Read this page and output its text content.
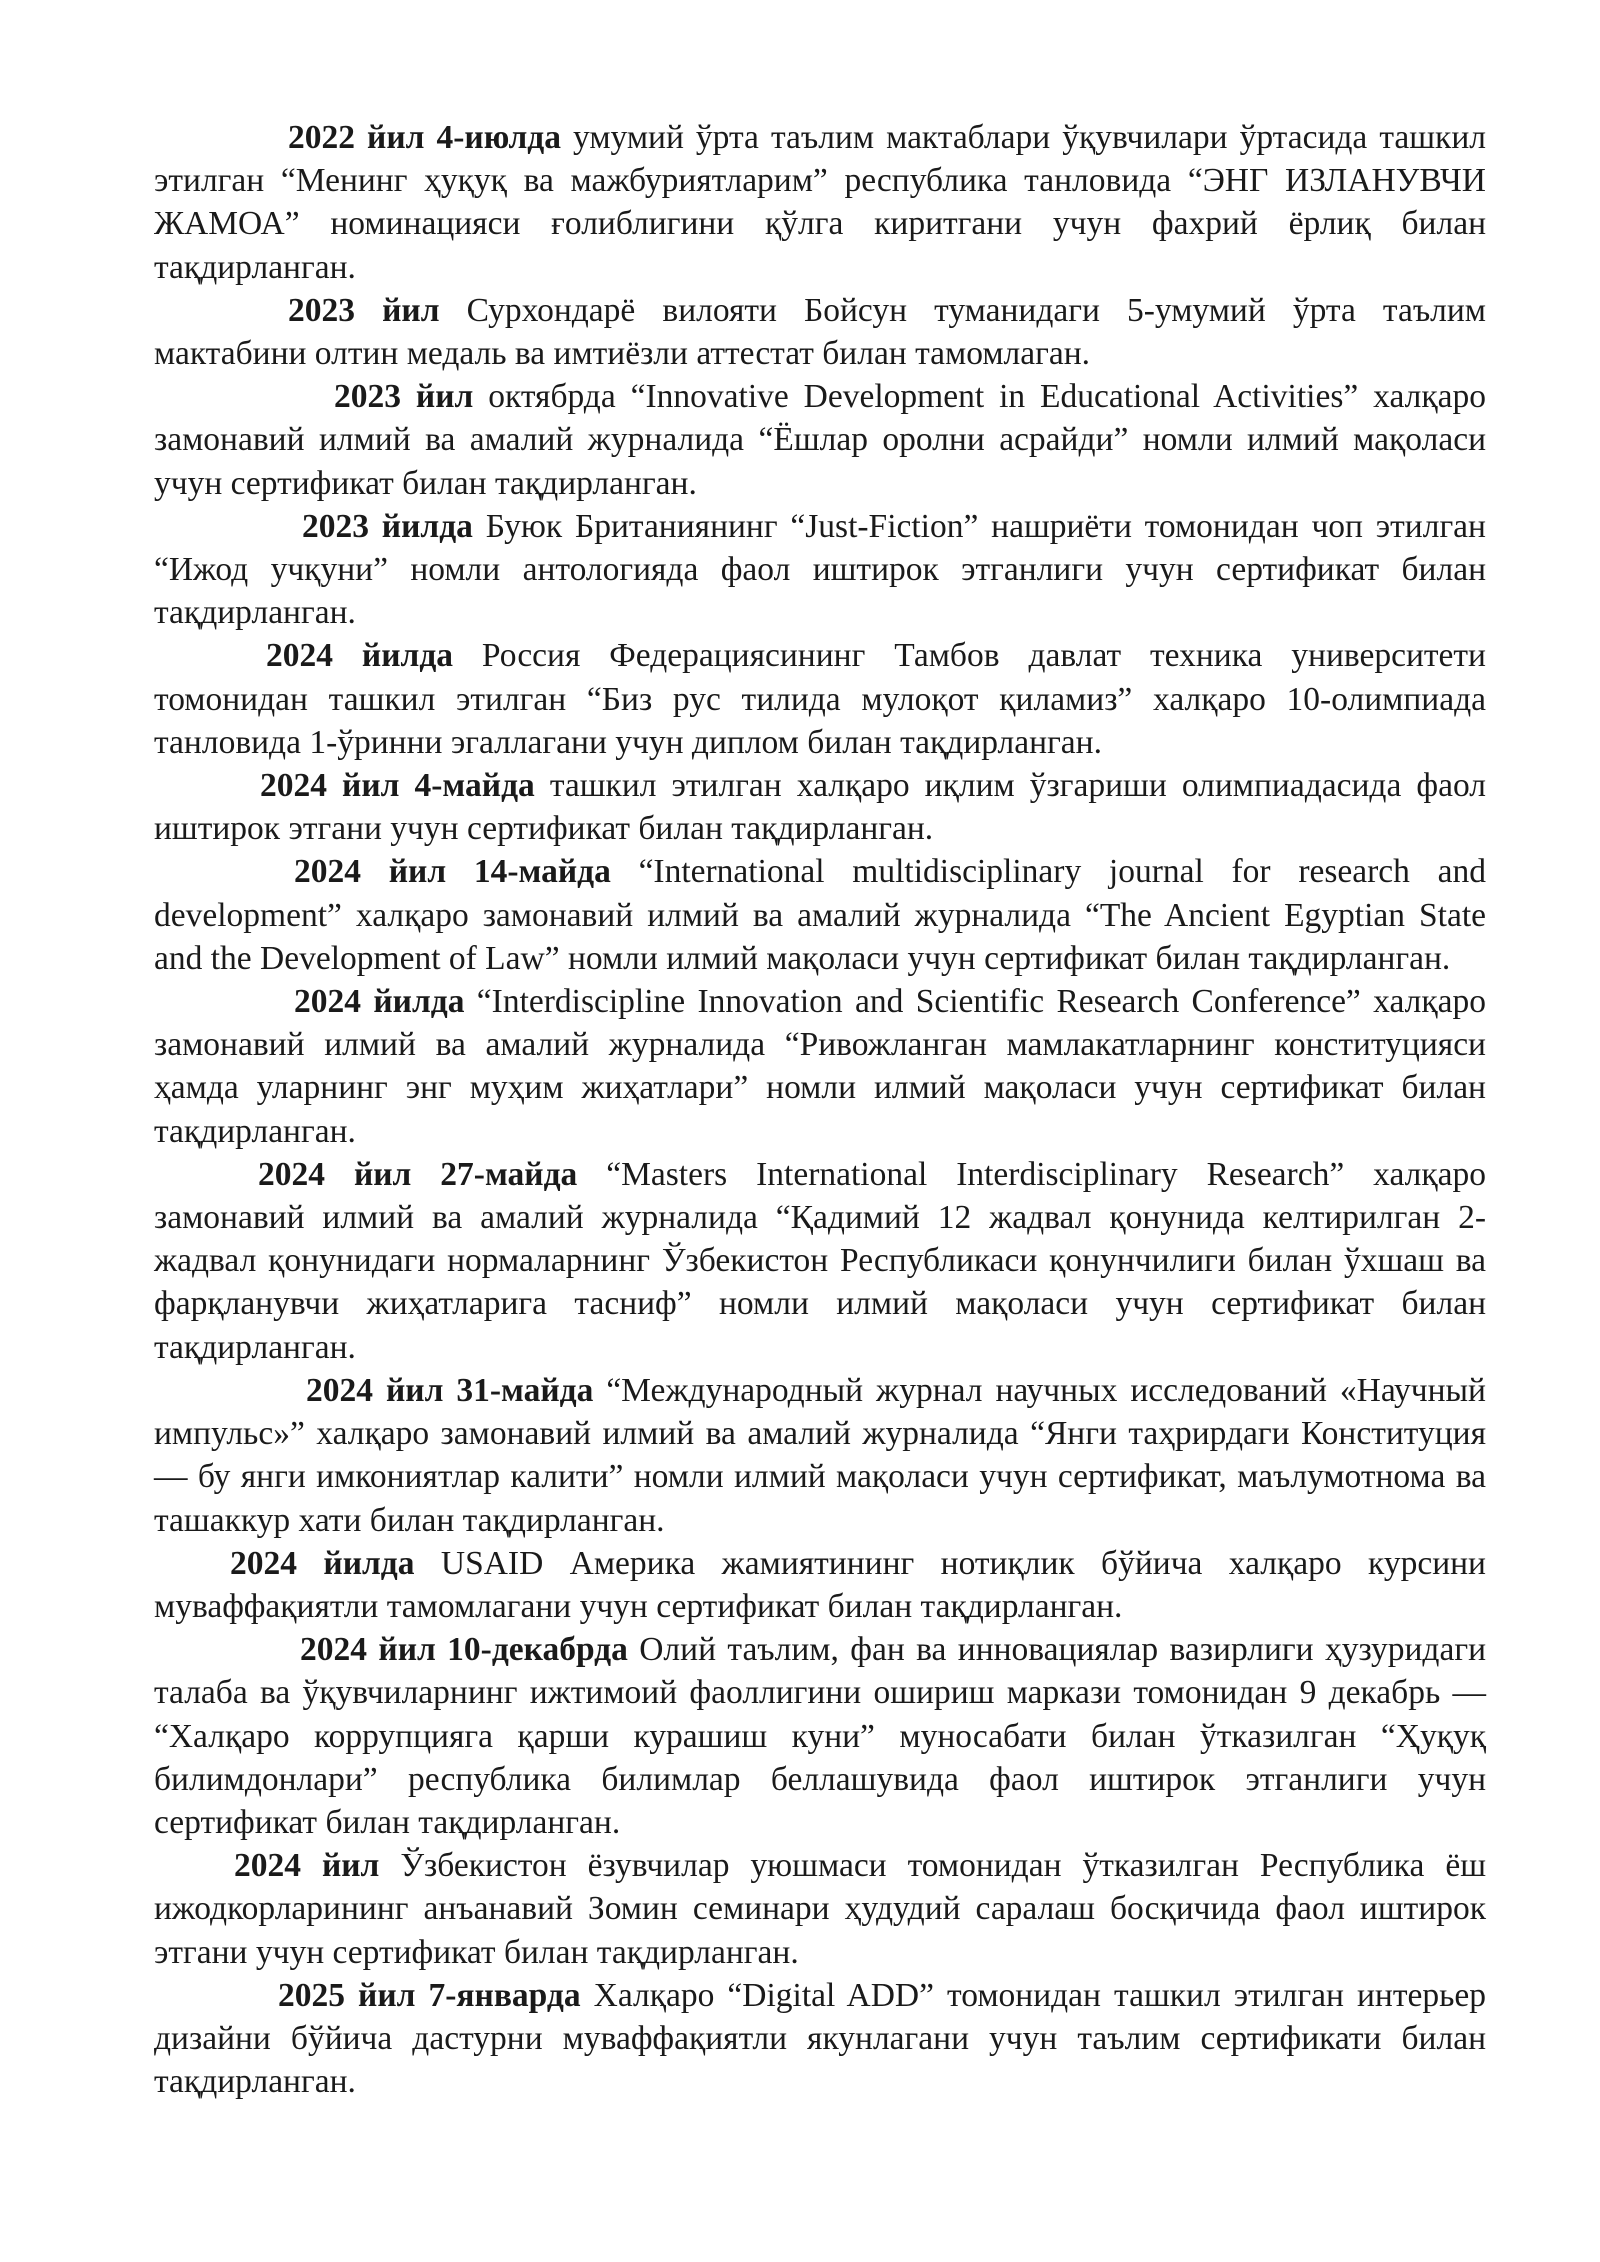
2022 йил 4-июлда умумий ўрта таълим мактаблари ўқувчилари ўртасида ташкил этилган “Менинг ҳуқуқ ва мажбуриятларим” республика танловида “ЭНГ ИЗЛАНУВЧИ ЖАМОА” номинацияси ғолиблигини қўлга киритгани учун фахрий ёрлиқ билан тақдирланган.

2023 йил Сурхондарё вилояти Бойсун туманидаги 5-умумий ўрта таълим мактабини олтин медаль ва имтиёзли аттестат билан тамомлаган.

2023 йил октябрда “Innovative Development in Educational Activities” халқаро замонавий илмий ва амалий журналида “Ёшлар оролни асрайди” номли илмий мақоласи учун сертификат билан тақдирланган.

2023 йилда Буюк Британиянинг “Just-Fiction” нашриёти томонидан чоп этилган “Ижод учқуни” номли антологияда фаол иштирок этганлиги учун сертификат билан тақдирланган.

2024 йилда Россия Федерациясининг Тамбов давлат техника университети томонидан ташкил этилган “Биз рус тилида мулоқот қиламиз” халқаро 10-олимпиада танловида 1-ўринни эгаллагани учун диплом билан тақдирланган.

2024 йил 4-майда ташкил этилган халқаро иқлим ўзгариши олимпиадасида фаол иштирок этгани учун сертификат билан тақдирланган.

2024 йил 14-майда “International multidisciplinary journal for research and development” халқаро замонавий илмий ва амалий журналида “The Ancient Egyptian State and the Development of Law” номли илмий мақоласи учун сертификат билан тақдирланган.

2024 йилда “Interdiscipline Innovation and Scientific Research Conference” халқаро замонавий илмий ва амалий журналида “Ривожланган мамлакатларнинг конституцияси ҳамда уларнинг энг муҳим жиҳатлари” номли илмий мақоласи учун сертификат билан тақдирланган.

2024 йил 27-майда “Masters International Interdisciplinary Research” халқаро замонавий илмий ва амалий журналида “Қадимий 12 жадвал қонунида келтирилган 2-жадвал қонунидаги нормаларнинг Ўзбекистон Республикаси қонунчилиги билан ўхшаш ва фарқланувчи жиҳатларига тасниф” номли илмий мақоласи учун сертификат билан тақдирланган.

2024 йил 31-майда “Международный журнал научных исследований «Научный импульс»” халқаро замонавий илмий ва амалий журналида “Янги таҳрирдаги Конституция — бу янги имкониятлар калити” номли илмий мақоласи учун сертификат, маълумотнома ва ташаккур хати билан тақдирланган.

2024 йилда USAID Америка жамиятининг нотиқлик бўйича халқаро курсини муваффақиятли тамомлагани учун сертификат билан тақдирланган.

2024 йил 10-декабрда Олий таълим, фан ва инновациялар вазирлиги ҳузуридаги талаба ва ўқувчиларнинг ижтимоий фаоллигини ошириш маркази томонидан 9 декабрь — “Халқаро коррупцияга қарши курашиш куни” муносабати билан ўтказилган “Ҳуқуқ билимдонлари” республика билимлар беллашувида фаол иштирок этганлиги учун сертификат билан тақдирланган.

2024 йил Ўзбекистон ёзувчилар уюшмаси томонидан ўтказилган Республика ёш ижодкорларининг анъанавий Зомин семинари ҳудудий саралаш босқичида фаол иштирок этгани учун сертификат билан тақдирланган.

2025 йил 7-январда Халқаро “Digital ADD” томонидан ташкил этилган интерьер дизайни бўйича дастурни муваффақиятли якунлагани учун таълим сертификати билан тақдирланган.
